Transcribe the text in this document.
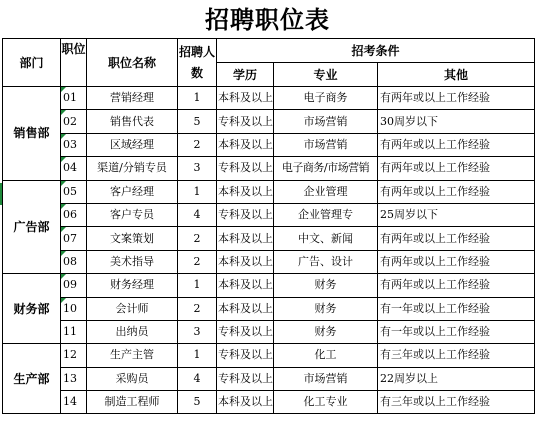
招聘职位表
部门	职位	职位名称	招聘人数	招考条件		
				学历	专业	其他
销售部	01	营销经理	1	本科及以上	电子商务	有两年或以上工作经验
	02	销售代表	5	专科及以上	市场营销	30周岁以下
	03	区域经理	2	本科及以上	市场营销	有两年或以上工作经验
	04	渠道/分销专员	3	专科及以上	电子商务/市场营销	有两年或以上工作经验
广告部	05	客户经理	1	本科及以上	企业管理	有两年或以上工作经验
	06	客户专员	4	专科及以上	企业管理专	25周岁以下
	07	文案策划	2	本科及以上	中文、新闻	有两年或以上工作经验
	08	美术指导	2	本科及以上	广告、设计	有两年或以上工作经验
财务部	09	财务经理	1	本科及以上	财务	有两年或以上工作经验
	10	会计师	2	本科及以上	财务	有一年或以上工作经验
	11	出纳员	3	专科及以上	财务	有一年或以上工作经验
生产部	12	生产主管	1	专科及以上	化工	有三年或以上工作经验
	13	采购员	4	专科及以上	市场营销	22周岁以上
	14	制造工程师	5	本科及以上	化工专业	有三年或以上工作经验
